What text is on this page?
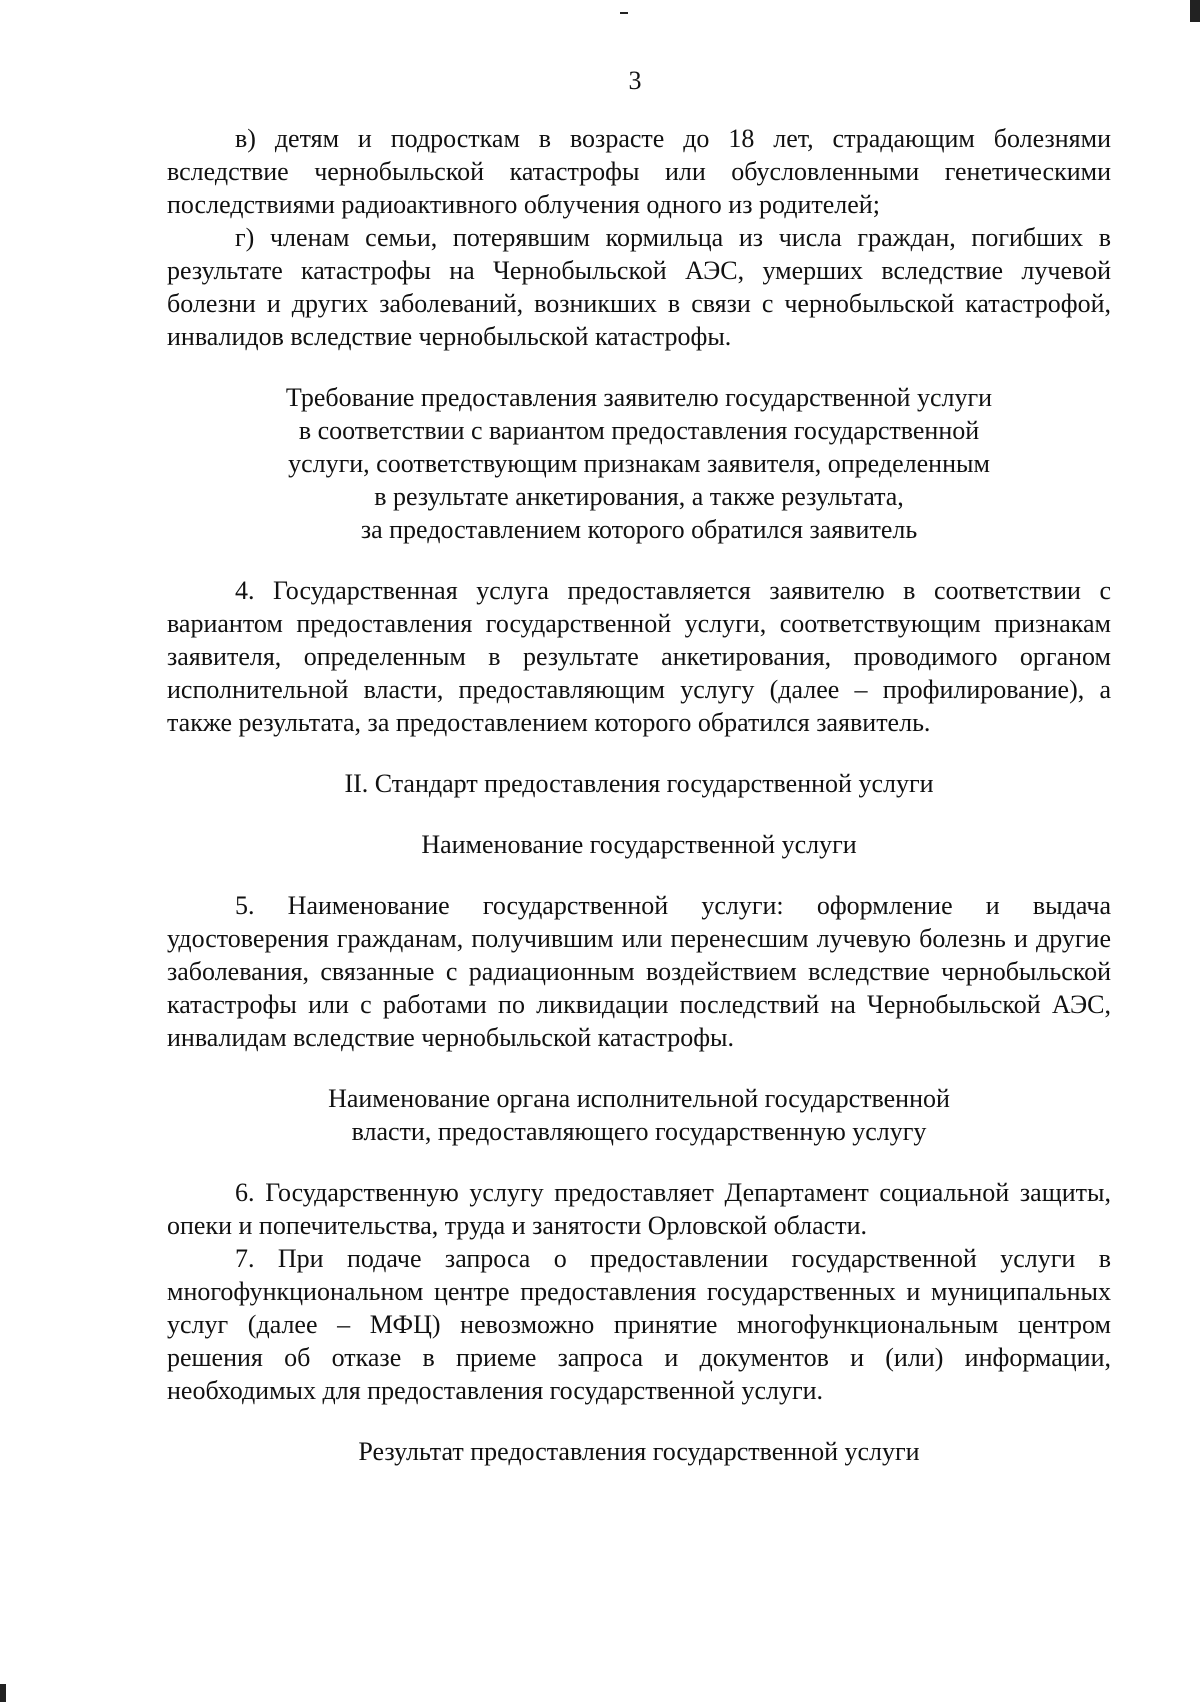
3

в) детям и подросткам в возрасте до 18 лет, страдающим болезнями вследствие чернобыльской катастрофы или обусловленными генетическими последствиями радиоактивного облучения одного из родителей;

г) членам семьи, потерявшим кормильца из числа граждан, погибших в результате катастрофы на Чернобыльской АЭС, умерших вследствие лучевой болезни и других заболеваний, возникших в связи с чернобыльской катастрофой, инвалидов вследствие чернобыльской катастрофы.

Требование предоставления заявителю государственной услуги

в соответствии с вариантом предоставления государственной

услуги, соответствующим признакам заявителя, определенным

в результате анкетирования, а также результата,

за предоставлением которого обратился заявитель

4. Государственная услуга предоставляется заявителю в соответствии с вариантом предоставления государственной услуги, соответствующим признакам заявителя, определенным в результате анкетирования, проводимого органом исполнительной власти, предоставляющим услугу (далее – профилирование), а также результата, за предоставлением которого обратился заявитель.

II. Стандарт предоставления государственной услуги

Наименование государственной услуги

5. Наименование государственной услуги: оформление и выдача удостоверения гражданам, получившим или перенесшим лучевую болезнь и другие заболевания, связанные с радиационным воздействием вследствие чернобыльской катастрофы или с работами по ликвидации последствий на Чернобыльской АЭС, инвалидам вследствие чернобыльской катастрофы.

Наименование органа исполнительной государственной

власти, предоставляющего государственную услугу

6. Государственную услугу предоставляет Департамент социальной защиты, опеки и попечительства, труда и занятости Орловской области.

7. При подаче запроса о предоставлении государственной услуги в многофункциональном центре предоставления государственных и муниципальных услуг (далее – МФЦ) невозможно принятие многофункциональным центром решения об отказе в приеме запроса и документов и (или) информации, необходимых для предоставления государственной услуги.

Результат предоставления государственной услуги
